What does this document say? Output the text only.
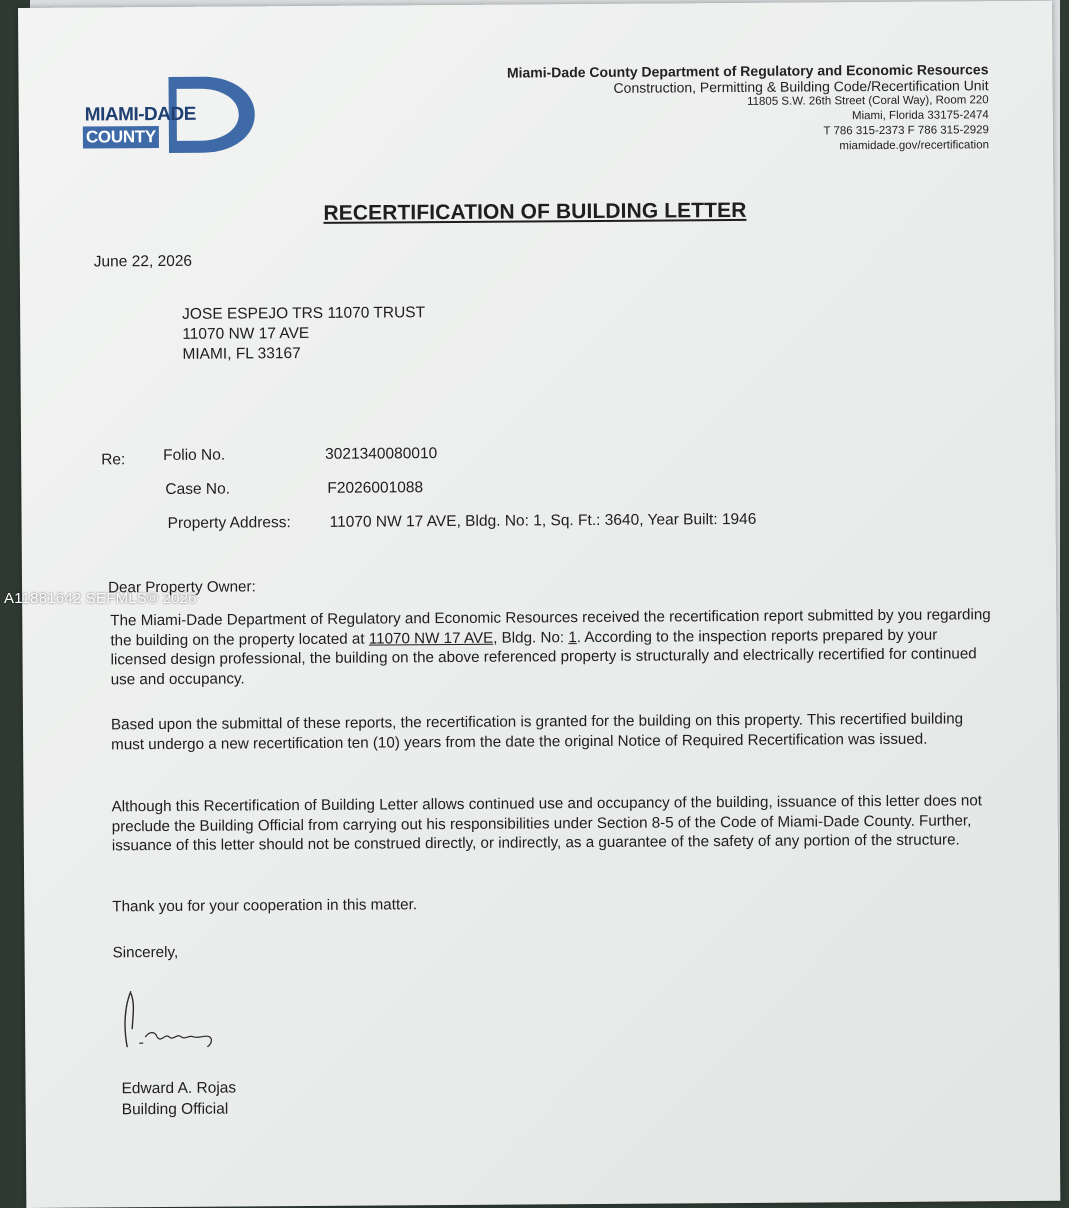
MIAMI-DADE
COUNTY
Miami-Dade County Department of Regulatory and Economic Resources
Construction, Permitting & Building Code/Recertification Unit
11805 S.W. 26th Street (Coral Way), Room 220
Miami, Florida 33175-2474
T 786 315-2373 F 786 315-2929
miamidade.gov/recertification
RECERTIFICATION OF BUILDING LETTER
June 22, 2026
JOSE ESPEJO TRS 11070 TRUST
11070 NW 17 AVE
MIAMI, FL 33167
Re: Folio No.	3021340080010
Case No.	F2026001088
Property Address: 11070 NW 17 AVE, Bldg. No: 1, Sq. Ft.: 3640, Year Built: 1946
Dear Property Owner:
The Miami-Dade Department of Regulatory and Economic Resources received the recertification report submitted by you regarding the building on the property located at 11070 NW 17 AVE, Bldg. No: 1. According to the inspection reports prepared by your licensed design professional, the building on the above referenced property is structurally and electrically recertified for continued use and occupancy.
Based upon the submittal of these reports, the recertification is granted for the building on this property. This recertified building must undergo a new recertification ten (10) years from the date the original Notice of Required Recertification was issued.
Although this Recertification of Building Letter allows continued use and occupancy of the building, issuance of this letter does not preclude the Building Official from carrying out his responsibilities under Section 8-5 of the Code of Miami-Dade County. Further, issuance of this letter should not be construed directly, or indirectly, as a guarantee of the safety of any portion of the structure.
Thank you for your cooperation in this matter.
Sincerely,
Edward A. Rojas
Building Official
A11881642 SEFMLS© 2026
